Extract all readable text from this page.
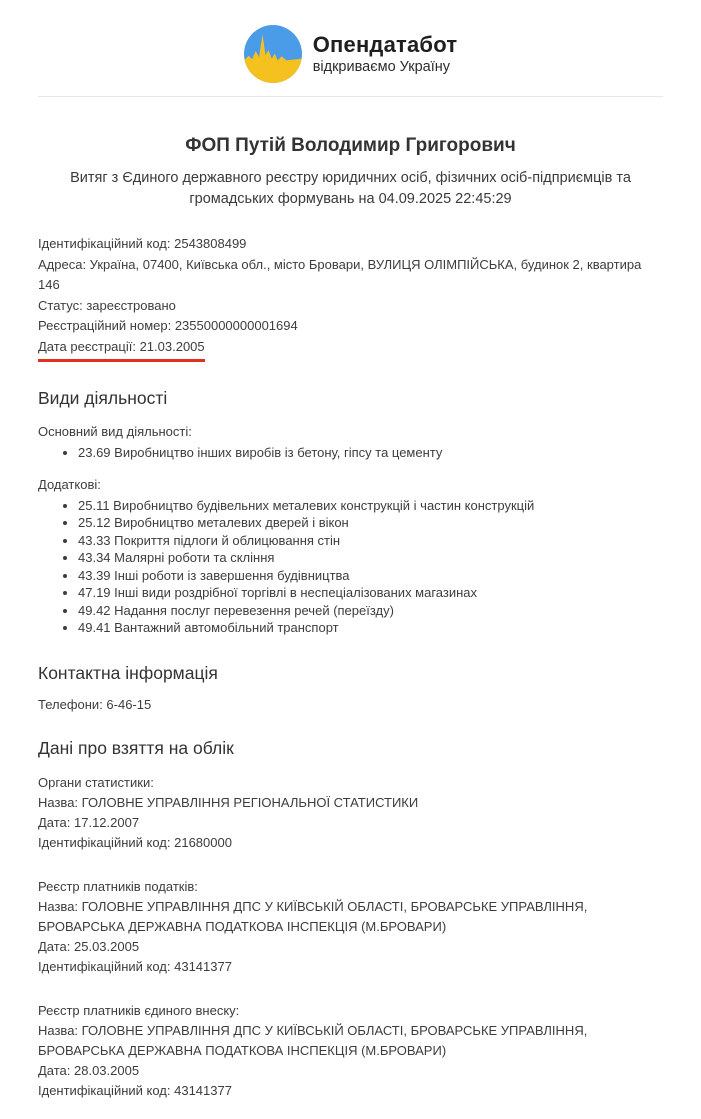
Опендатабот
відкриваємо Україну
ФОП Путій Володимир Григорович

Витяг з Єдиного державного реєстру юридичних осіб, фізичних осіб-підприємців та громадських формувань на 04.09.2025 22:45:29

Ідентифікаційний код: 2543808499
Адреса: Україна, 07400, Київська обл., місто Бровари, ВУЛИЦЯ ОЛІМПІЙСЬКА, будинок 2, квартира 146
Статус: зареєстровано
Реєстраційний номер: 23550000000001694
Дата реєстрації: 21.03.2005
Види діяльності
Основний вид діяльності:
• 23.69 Виробництво інших виробів із бетону, гіпсу та цементу
Додаткові:
• 25.11 Виробництво будівельних металевих конструкцій і частин конструкцій
• 25.12 Виробництво металевих дверей і вікон
• 43.33 Покриття підлоги й облицювання стін
• 43.34 Малярні роботи та скління
• 43.39 Інші роботи із завершення будівництва
• 47.19 Інші види роздрібної торгівлі в неспеціалізованих магазинах
• 49.42 Надання послуг перевезення речей (переїзду)
• 49.41 Вантажний автомобільний транспорт
Контактна інформація
Телефони: 6-46-15
Дані про взяття на облік
Органи статистики:
Назва: ГОЛОВНЕ УПРАВЛІННЯ РЕГІОНАЛЬНОЇ СТАТИСТИКИ
Дата: 17.12.2007
Ідентифікаційний код: 21680000
Реєстр платників податків:
Назва: ГОЛОВНЕ УПРАВЛІННЯ ДПС У КИЇВСЬКІЙ ОБЛАСТІ, БРОВАРСЬКЕ УПРАВЛІННЯ, БРОВАРСЬКА ДЕРЖАВНА ПОДАТКОВА ІНСПЕКЦІЯ (М.БРОВАРИ)
Дата: 25.03.2005
Ідентифікаційний код: 43141377
Реєстр платників єдиного внеску:
Назва: ГОЛОВНЕ УПРАВЛІННЯ ДПС У КИЇВСЬКІЙ ОБЛАСТІ, БРОВАРСЬКЕ УПРАВЛІННЯ, БРОВАРСЬКА ДЕРЖАВНА ПОДАТКОВА ІНСПЕКЦІЯ (М.БРОВАРИ)
Дата: 28.03.2005
Ідентифікаційний код: 43141377
